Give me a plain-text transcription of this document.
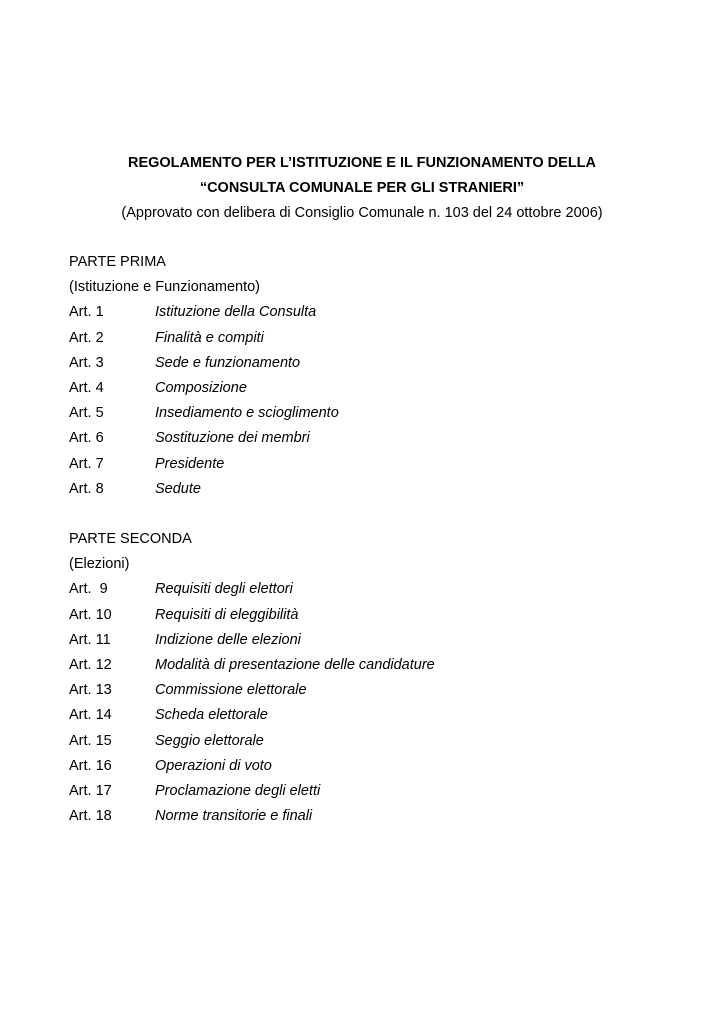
REGOLAMENTO PER L’ISTITUZIONE E IL FUNZIONAMENTO DELLA
“CONSULTA COMUNALE PER GLI STRANIERI”
(Approvato con delibera di Consiglio Comunale n. 103 del 24 ottobre 2006)
PARTE PRIMA
(Istituzione e Funzionamento)
Art. 1	Istituzione della Consulta
Art. 2	Finalità e compiti
Art. 3	Sede e funzionamento
Art. 4	Composizione
Art. 5	Insediamento e scioglimento
Art. 6	Sostituzione dei membri
Art. 7	Presidente
Art. 8	Sedute
PARTE SECONDA
(Elezioni)
Art.  9	Requisiti degli elettori
Art. 10	Requisiti di eleggibilità
Art. 11	Indizione delle elezioni
Art. 12	Modalità di presentazione delle candidature
Art. 13	Commissione elettorale
Art. 14	Scheda elettorale
Art. 15	Seggio elettorale
Art. 16	Operazioni di voto
Art. 17	Proclamazione degli eletti
Art. 18	Norme transitorie e finali
